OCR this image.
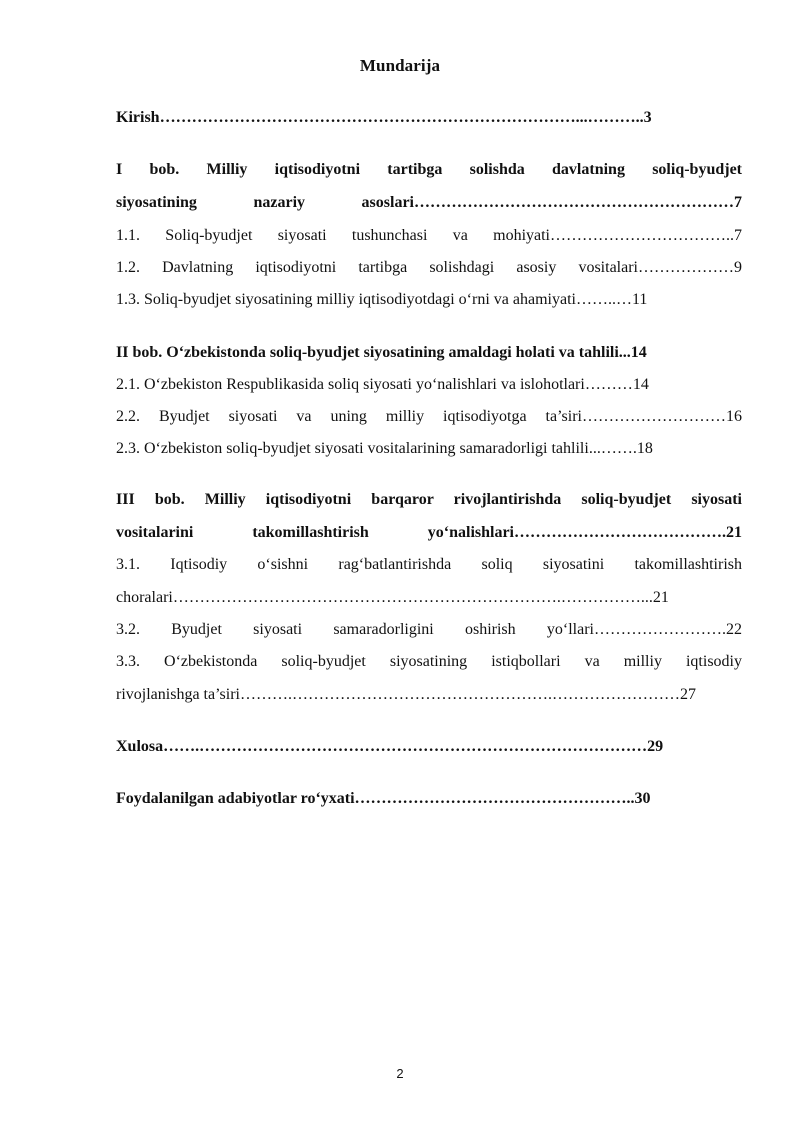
Mundarija
Kirish……………………………………………………………………...………..3
I bob. Milliy iqtisodiyotni tartibga solishda davlatning soliq-byudjet
siyosatining nazariy asoslari……………………………………………………7
1.1. Soliq-byudjet siyosati tushunchasi va mohiyati……………………………..7
1.2. Davlatning iqtisodiyotni tartibga solishdagi asosiy vositalari………………9
1.3. Soliq-byudjet siyosatining milliy iqtisodiyotdagi o‘rni va ahamiyati……..…11
II bob. O‘zbekistonda soliq-byudjet siyosatining amaldagi holati va tahlili...14
2.1. O‘zbekiston Respublikasida soliq siyosati yo‘nalishlari va islohotlari………14
2.2. Byudjet siyosati va uning milliy iqtisodiyotga ta’siri………………………16
2.3. O‘zbekiston soliq-byudjet siyosati vositalarining samaradorligi tahlili...…….18
III bob. Milliy iqtisodiyotni barqaror rivojlantirishda soliq-byudjet siyosati
vositalarini takomillashtirish yo‘nalishlari………………………………….21
3.1. Iqtisodiy o‘sishni rag‘batlantirishda soliq siyosatini takomillashtirish
choralari……………………………………………………………….……………...21
3.2. Byudjet siyosati samaradorligini oshirish yo‘llari…………………….22
3.3. O‘zbekistonda soliq-byudjet siyosatining istiqbollari va milliy iqtisodiy
rivojlanishga ta’siri……….………………………………………….……………………27
Xulosa…….…………………………………………………………………………29
Foydalanilgan adabiyotlar ro‘yxati……………………………………………..30
2
